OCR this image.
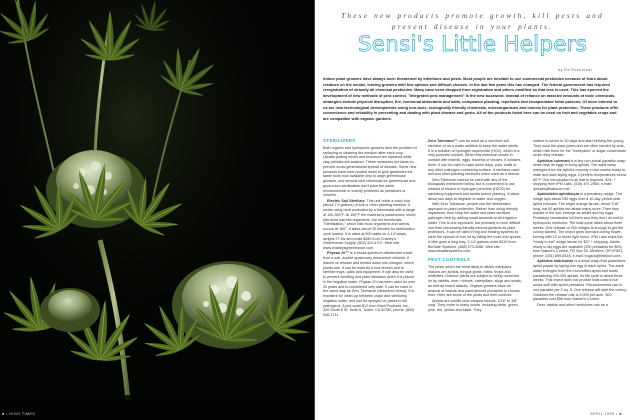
■ • HIGH TIMES
These new products promote growth, kill pests and prevent disease in your plants.
Sensi's Little Helpers
by Ed Rosenthal
Indoor plant growers have always been threatened by infections and pests. Most people are hesitant to use commercial pesticides because of fears about residues on the smoke, leaving growers with few options and difficult choices. In the last few years this has changed. The federal government has required reregistration of virtually all chemical pesticides. Many have been dropped from registration and others modified so that less is used. This has spurred the development of new methods of pest control. "Integrated pest management" is the new buzzword. Instead of reliance on massive amounts of toxic chemicals, strategies include physical disruption, fire, hormonal attractants and baits, companion planting, repellents and encapsulated foliar poisons. Of more interest to us are new technological developments using non-toxic, ecologically friendly chemicals, microorganisms and insects for plant protection. These products offer convenience and reliability in preventing and dealing with plant disease and pests. All of the products listed here can be used on fruit and vegetable crops and are compatible with organic gardens.
STERILIZERS

Both organic and hydroponic growers face the problem of replacing or cleaning the medium after each crop. Usually potting mixes and rockwool are replaced while clay pebbles are washed. These measures are taken to prevent cross-generational spread of disease. Some new products have been scaled down to give gardeners the same tools now available only to large greenhouse growers, and several new chemicals for greenhouse and grow-room sterilization don't pose the same environmental or toxicity problems as pesticides or chlorine.

Electric Soil Sterilizer. This unit holds a cubic foot (about 7.5 gallons) of soil or other planting medium. It works using heat controlled by a thermostat with a range of 100-350°F. At 160°F the material is pasteurized, which kills most harmful organisms, but not beneficials. "Sterilization," which kills most organisms and weeds, occurs at 180°. It takes about 30 minutes for sterilization once loaded. It is rated at 500 watts on 4-1/2 amps, weighs 27 lbs and costs $280 from Charley's Greenhouse Supply, (800) 322-4707. Web site: www.charleysgreenhouse.com.

Physan 20™ is a broad-spectrum disinfectant made from a salt, double quaternary ammonium chloride. It leaves no residue and breaks down into nitrogen, which plants use. It can be used as a root drench and to sterilize trays, walls and equipment. It can also be used to prevent seedling and plant diseases when it is placed in the irrigation water. Physan 20 has been used for over 20 years and is considered very safe. It can be used in the same way as Zero Tolerance (described below). It is excellent for clean-up between crops and sterilizing irrigation water, and can be sprayed on plants to kill pathogens. A pint costs $12 from Maril Products, Inc., 320 South 6 St. Suite A, Tustin, CA 92780, phone: (800) 546-7711.

Zero Tolerance™ can be used as a one-time soil sterilizer or as a water additive to keep the water sterile. It is a solution of hydrogen superoxide (HO2), which is a very powerful oxidant. When this chemical comes in contact with insects, eggs, bacteria or viruses, it oxidizes them. It can be used to wipe down trays, pots, walls or any other pathogen-containing surface. It sterilizes used soil and other planting mediums when used as a drench.

Zero Tolerance cannot be used with any of the biologicals mentioned below, but is convenient to use instead of bleach or hydrogen peroxide (H2O2) for sterilizing equipment and media before planting. It takes about two days to degrade to water and oxygen.

With Zero Tolerance, people use the sterilization approach to plant protection. Rather than using friendly organisms, they keep the water and plant surfaces pathogen-free by adding small amounts to all irrigation water. This is one approach, but probably a more difficult one than introducing friendly microorganisms as plant protectors. It can be used in fog and misting systems to clear the spread of bud rot by killing the mold and spores. A little goes a long way: 2-1/2 gallons costs $110 from BioSafe Systems, (888) 273-3088. Web site: www.biosafesystems.com.

PEST CONTROLS

The pests which are most likely to attack marijuana indoors are aphids, fungus gnats, mites, thrips and whiteflies. Outdoor plants are subject to being munched on by rabbits, deer, rodents, caterpillars, slugs and snails, as well as insect attacks. Organic growers have an arsenal of insects and plant-derived predators to choose from. Here are some of the pests and their controls:

Aphids are prolific pear-shaped insects, 1/16" to 3/8" long. They come in many colors, including white, green, pink, red, yellow and black. They

mature in seven to 10 days and start birthing live young. They suck the plant juices and are often herded by ants, which milk them for the "honeydew" or sugar concentrate which they release.

Aphidius colemani is a tiny non-social parasitic wasp which lays its eggs in living aphids. The adult wasp emerges from the aphid's mummy in two weeks ready to mate and start laying eggs. It prefers temperatures below 80°F. One introduction is all that is required. $24, + shipping from IPM Labs, (315) 497-2063. e-mail: ipmlabs@baldcom.net

Aphidoletes aphidimyza is a predatory midge. The midge lays about 250 eggs over a 10-day period near aphid colonies. The bright orange larvae, about 1/16" long, eat 50 aphids but attack many more. Then they pupate in the soil, emerge as adults and lay eggs. Predatory nematodes kill them and they don't do well in hydroponic mediums. The total cycle takes about three weeks. One release of 250 midges is enough to get the colony started. The insect goes dormant during flower-forcing with 12 or fewer light hours. IPM Labs ships the "ready to eat" midge larvae for $27 + shipping. Adults ready to lay eggs are available (250 predators for $25) from Nature's Control, PO Box 35, Medford, OR 97501, phone: (541) 899-8318, e-mail: bugsnc@teleport.com.

Aphidius matricariae is a small wasp that parasitizes aphid pupae by laying one egg in each aphid. The adult wasp emerges from the mummified aphid and starts parasitizing 200-300 aphids. Its life cycle is about three weeks. This insect does not provide total control but works well with aphid predators. Recommended use is one parasite per 2 sq. ft. One release will start the colony. Outdoors the release rate is 5,000 per acre. 500 parasites cost $58 from Nature's Control.

Deer, rabbits and other herbivores can be a

APRIL 1999 • ■
